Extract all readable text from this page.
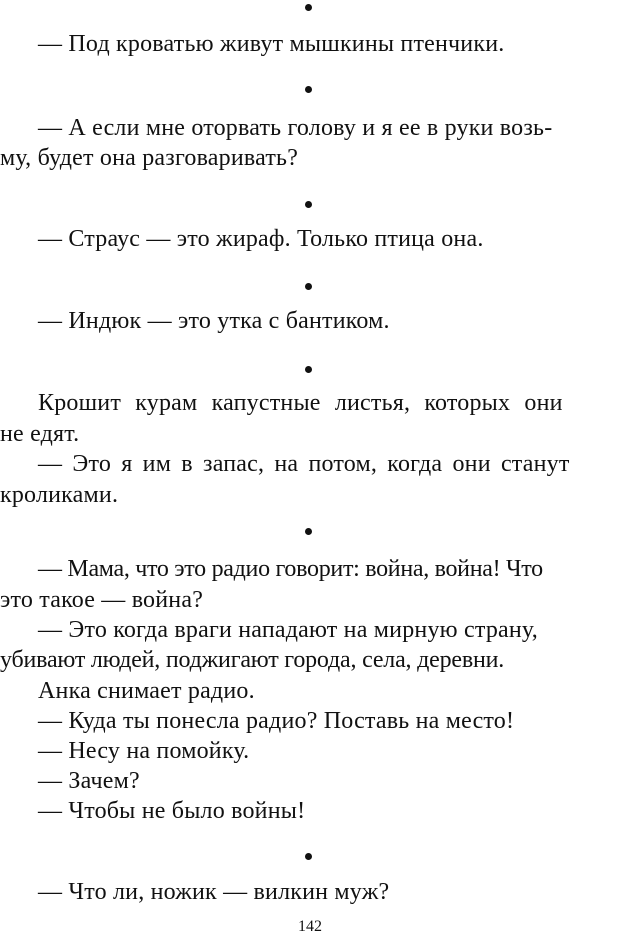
— Под кроватью живут мышкины птенчики.
— А если мне оторвать голову и я ее в руки возь-
му, будет она разговаривать?
— Страус — это жираф. Только птица она.
— Индюк — это утка с бантиком.
Крошит курам капустные листья, которых они
не едят.
— Это я им в запас, на потом, когда они станут
кроликами.
— Мама, что это радио говорит: война, война! Что
это такое — война?
— Это когда враги нападают на мирную страну,
убивают людей, поджигают города, села, деревни.
Анка снимает радио.
— Куда ты понесла радио? Поставь на место!
— Несу на помойку.
— Зачем?
— Чтобы не было войны!
— Что ли, ножик — вилкин муж?
142
